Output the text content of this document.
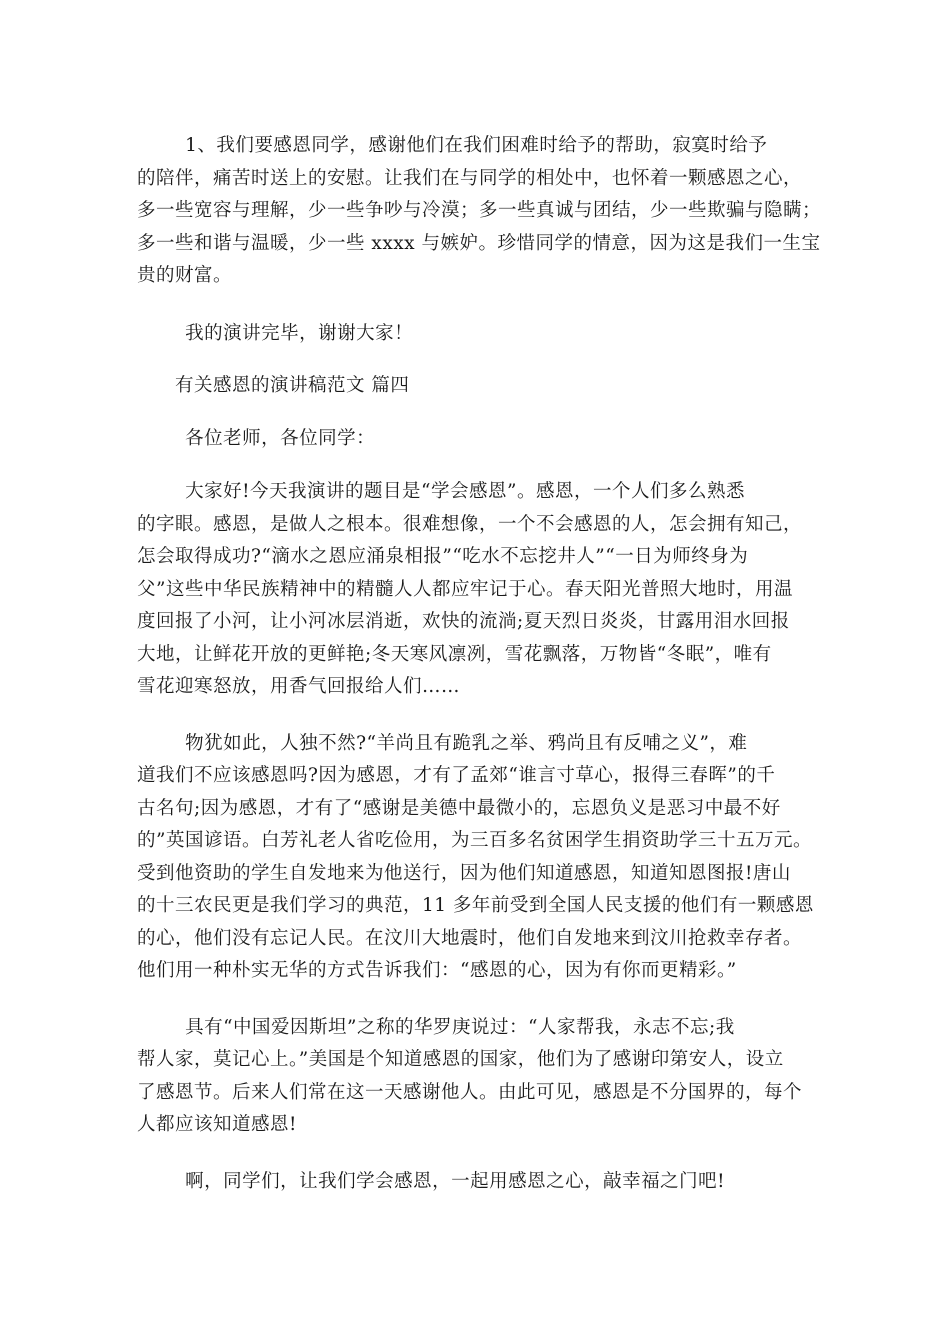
1、我们要感恩同学，感谢他们在我们困难时给予的帮助，寂寞时给予
的陪伴，痛苦时送上的安慰。让我们在与同学的相处中，也怀着一颗感恩之心，
多一些宽容与理解，少一些争吵与冷漠；多一些真诚与团结，少一些欺骗与隐瞒；
多一些和谐与温暖，少一些 xxxx 与嫉妒。珍惜同学的情意，因为这是我们一生宝
贵的财富。

我的演讲完毕，谢谢大家！

有关感恩的演讲稿范文 篇四

各位老师，各位同学：

大家好!今天我演讲的题目是“学会感恩”。感恩，一个人们多么熟悉
的字眼。感恩，是做人之根本。很难想像，一个不会感恩的人，怎会拥有知己，
怎会取得成功?“滴水之恩应涌泉相报”“吃水不忘挖井人”“一日为师终身为
父”这些中华民族精神中的精髓人人都应牢记于心。春天阳光普照大地时，用温
度回报了小河，让小河冰层消逝，欢快的流淌;夏天烈日炎炎，甘露用泪水回报
大地，让鲜花开放的更鲜艳;冬天寒风凛冽，雪花飘落，万物皆“冬眠”，唯有
雪花迎寒怒放，用香气回报给人们……

物犹如此，人独不然?“羊尚且有跪乳之举、鸦尚且有反哺之义”，难
道我们不应该感恩吗?因为感恩，才有了孟郊“谁言寸草心，报得三春晖”的千
古名句;因为感恩，才有了“感谢是美德中最微小的，忘恩负义是恶习中最不好
的”英国谚语。白芳礼老人省吃俭用，为三百多名贫困学生捐资助学三十五万元。
受到他资助的学生自发地来为他送行，因为他们知道感恩，知道知恩图报!唐山
的十三农民更是我们学习的典范，11 多年前受到全国人民支援的他们有一颗感恩
的心，他们没有忘记人民。在汶川大地震时，他们自发地来到汶川抢救幸存者。
他们用一种朴实无华的方式告诉我们：“感恩的心，因为有你而更精彩。”

具有“中国爱因斯坦”之称的华罗庚说过：“人家帮我，永志不忘;我
帮人家，莫记心上。”美国是个知道感恩的国家，他们为了感谢印第安人，设立
了感恩节。后来人们常在这一天感谢他人。由此可见，感恩是不分国界的，每个
人都应该知道感恩!

啊，同学们，让我们学会感恩，一起用感恩之心，敲幸福之门吧!
